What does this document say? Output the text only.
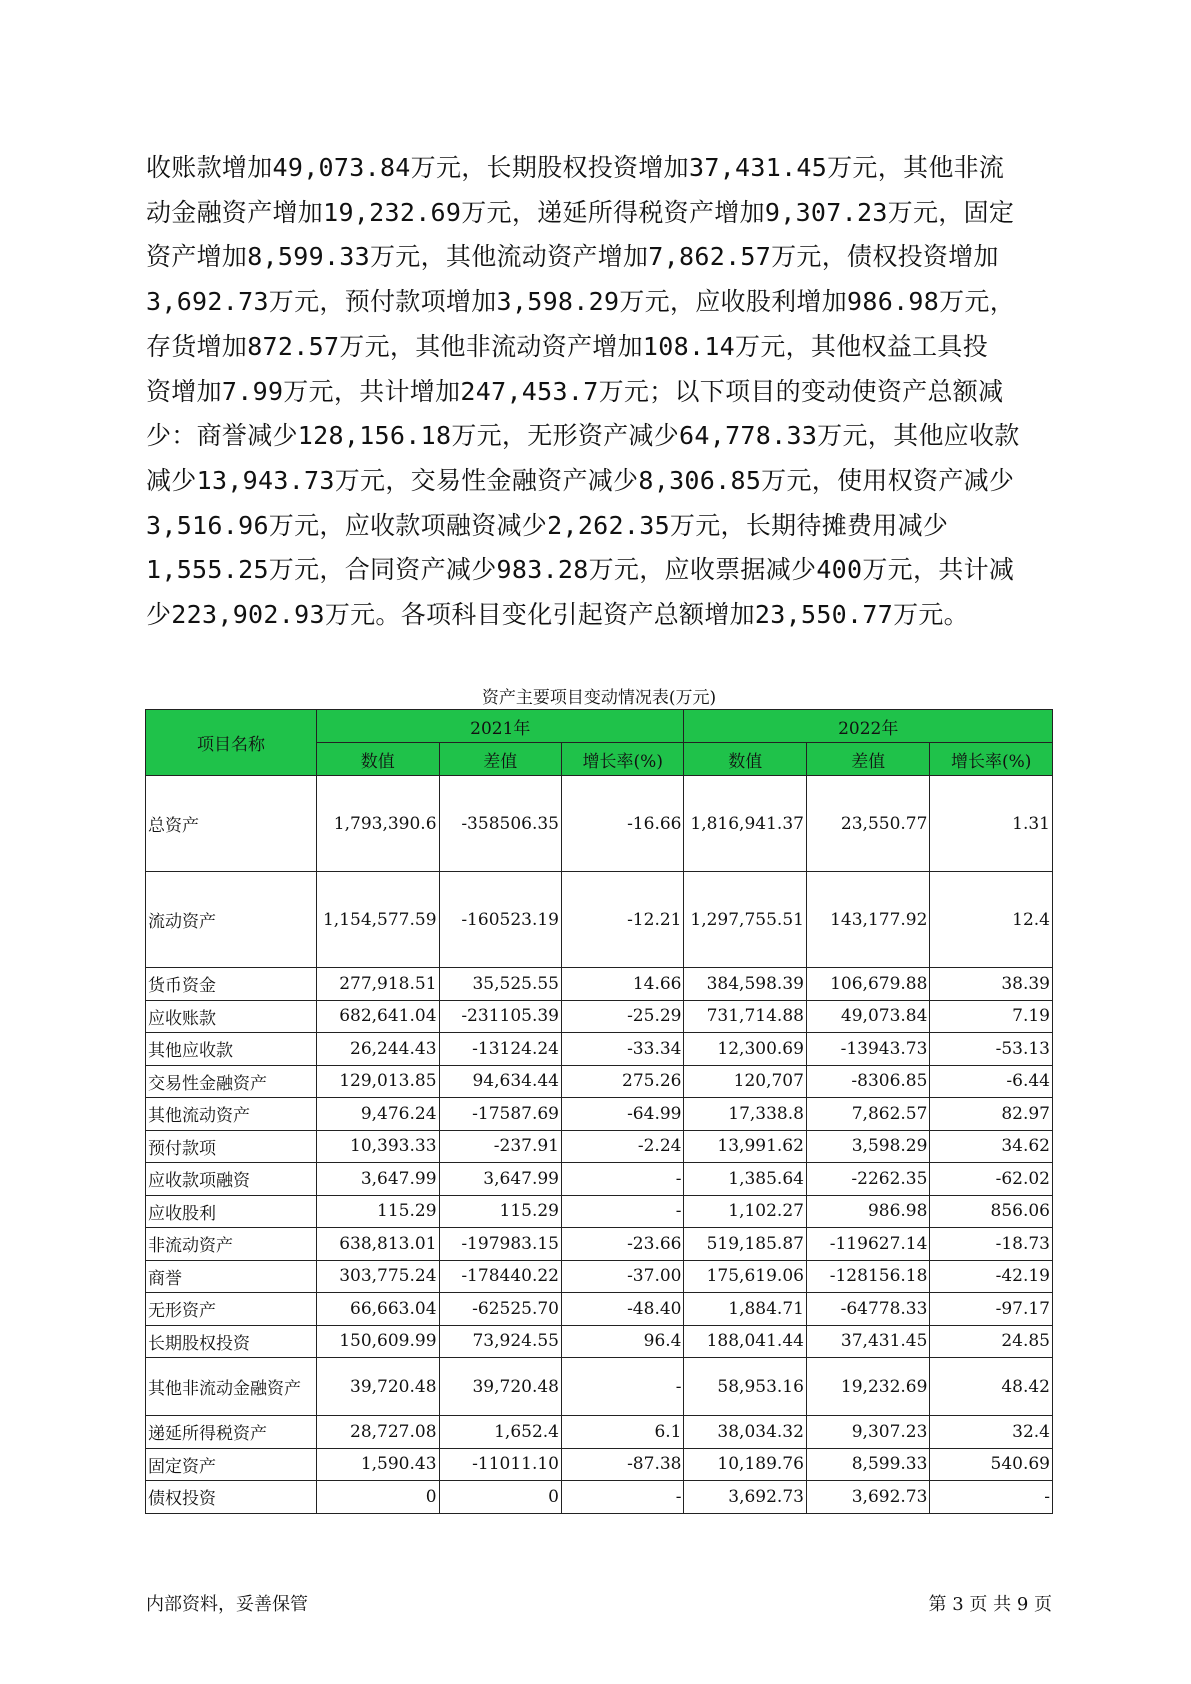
收账款增加49,073.84万元，长期股权投资增加37,431.45万元，其他非流
动金融资产增加19,232.69万元，递延所得税资产增加9,307.23万元，固定
资产增加8,599.33万元，其他流动资产增加7,862.57万元，债权投资增加
3,692.73万元，预付款项增加3,598.29万元，应收股利增加986.98万元，
存货增加872.57万元，其他非流动资产增加108.14万元，其他权益工具投
资增加7.99万元，共计增加247,453.7万元；以下项目的变动使资产总额减
少：商誉减少128,156.18万元，无形资产减少64,778.33万元，其他应收款
减少13,943.73万元，交易性金融资产减少8,306.85万元，使用权资产减少
3,516.96万元，应收款项融资减少2,262.35万元，长期待摊费用减少
1,555.25万元，合同资产减少983.28万元，应收票据减少400万元，共计减
少223,902.93万元。各项科目变化引起资产总额增加23,550.77万元。
资产主要项目变动情况表(万元)
项目名称	2021年			2022年		
	数值	差值	增长率(%)	数值	差值	增长率(%)
总资产	1,793,390.6	-358506.35	-16.66	1,816,941.37	23,550.77	1.31
流动资产	1,154,577.59	-160523.19	-12.21	1,297,755.51	143,177.92	12.4
货币资金	277,918.51	35,525.55	14.66	384,598.39	106,679.88	38.39
应收账款	682,641.04	-231105.39	-25.29	731,714.88	49,073.84	7.19
其他应收款	26,244.43	-13124.24	-33.34	12,300.69	-13943.73	-53.13
交易性金融资产	129,013.85	94,634.44	275.26	120,707	-8306.85	-6.44
其他流动资产	9,476.24	-17587.69	-64.99	17,338.8	7,862.57	82.97
预付款项	10,393.33	-237.91	-2.24	13,991.62	3,598.29	34.62
应收款项融资	3,647.99	3,647.99	-	1,385.64	-2262.35	-62.02
应收股利	115.29	115.29	-	1,102.27	986.98	856.06
非流动资产	638,813.01	-197983.15	-23.66	519,185.87	-119627.14	-18.73
商誉	303,775.24	-178440.22	-37.00	175,619.06	-128156.18	-42.19
无形资产	66,663.04	-62525.70	-48.40	1,884.71	-64778.33	-97.17
长期股权投资	150,609.99	73,924.55	96.4	188,041.44	37,431.45	24.85
其他非流动金融资产	39,720.48	39,720.48	-	58,953.16	19,232.69	48.42
递延所得税资产	28,727.08	1,652.4	6.1	38,034.32	9,307.23	32.4
固定资产	1,590.43	-11011.10	-87.38	10,189.76	8,599.33	540.69
债权投资	0	0	-	3,692.73	3,692.73	-
内部资料，妥善保管	第 3 页 共 9 页
